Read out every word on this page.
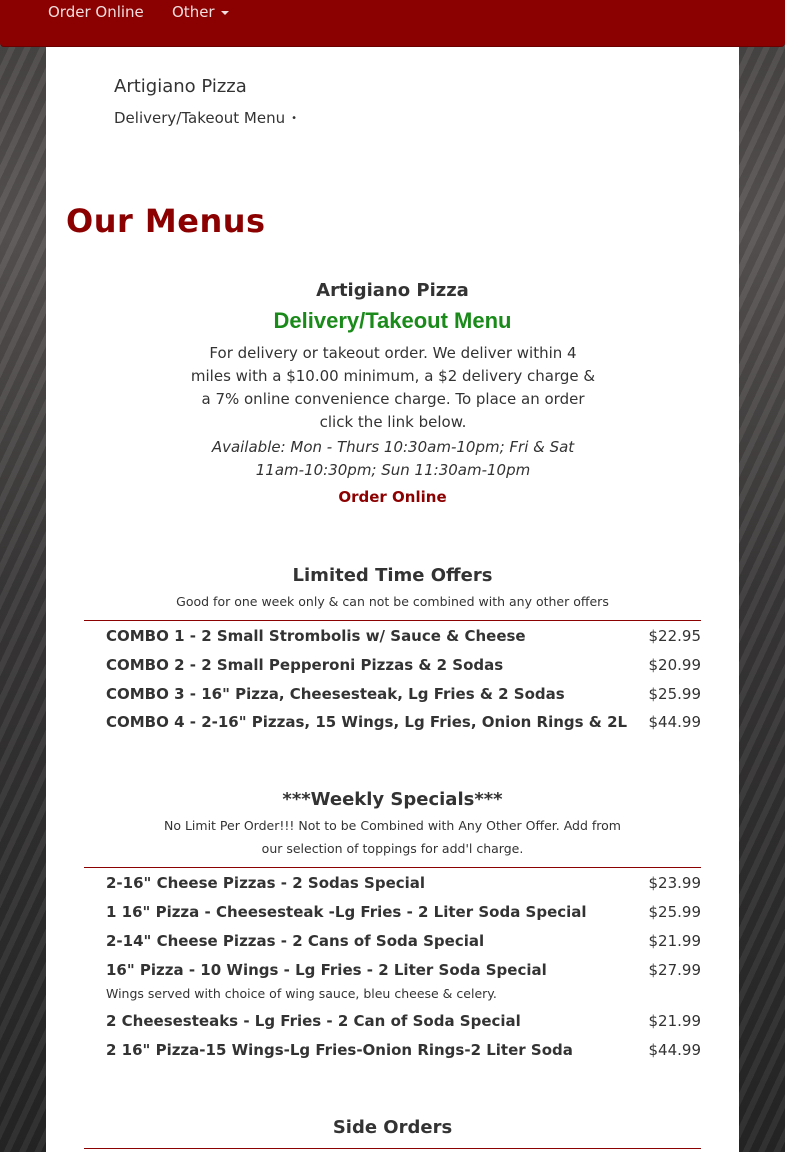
Order Online Other
Artigiano Pizza
Delivery/Takeout Menu •
Our Menus
Artigiano Pizza
Delivery/Takeout Menu
For delivery or takeout order. We deliver within 4 miles with a $10.00 minimum, a $2 delivery charge & a 7% online convenience charge. To place an order click the link below.
Available: Mon - Thurs 10:30am-10pm; Fri & Sat 11am-10:30pm; Sun 11:30am-10pm
Order Online
Limited Time Offers
Good for one week only & can not be combined with any other offers
COMBO 1 - 2 Small Strombolis w/ Sauce & Cheese	$22.95
COMBO 2 - 2 Small Pepperoni Pizzas & 2 Sodas	$20.99
COMBO 3 - 16" Pizza, Cheesesteak, Lg Fries & 2 Sodas	$25.99
COMBO 4 - 2-16" Pizzas, 15 Wings, Lg Fries, Onion Rings & 2L $44.99
***Weekly Specials***
No Limit Per Order!!! Not to be Combined with Any Other Offer. Add from our selection of toppings for add'l charge.
2-16" Cheese Pizzas - 2 Sodas Special	$23.99
1 16" Pizza - Cheesesteak -Lg Fries - 2 Liter Soda Special	$25.99
2-14" Cheese Pizzas - 2 Cans of Soda Special	$21.99
16" Pizza - 10 Wings - Lg Fries - 2 Liter Soda Special	$27.99
Wings served with choice of wing sauce, bleu cheese & celery.
2 Cheesesteaks - Lg Fries - 2 Can of Soda Special	$21.99
2 16" Pizza-15 Wings-Lg Fries-Onion Rings-2 Liter Soda	$44.99
Side Orders
